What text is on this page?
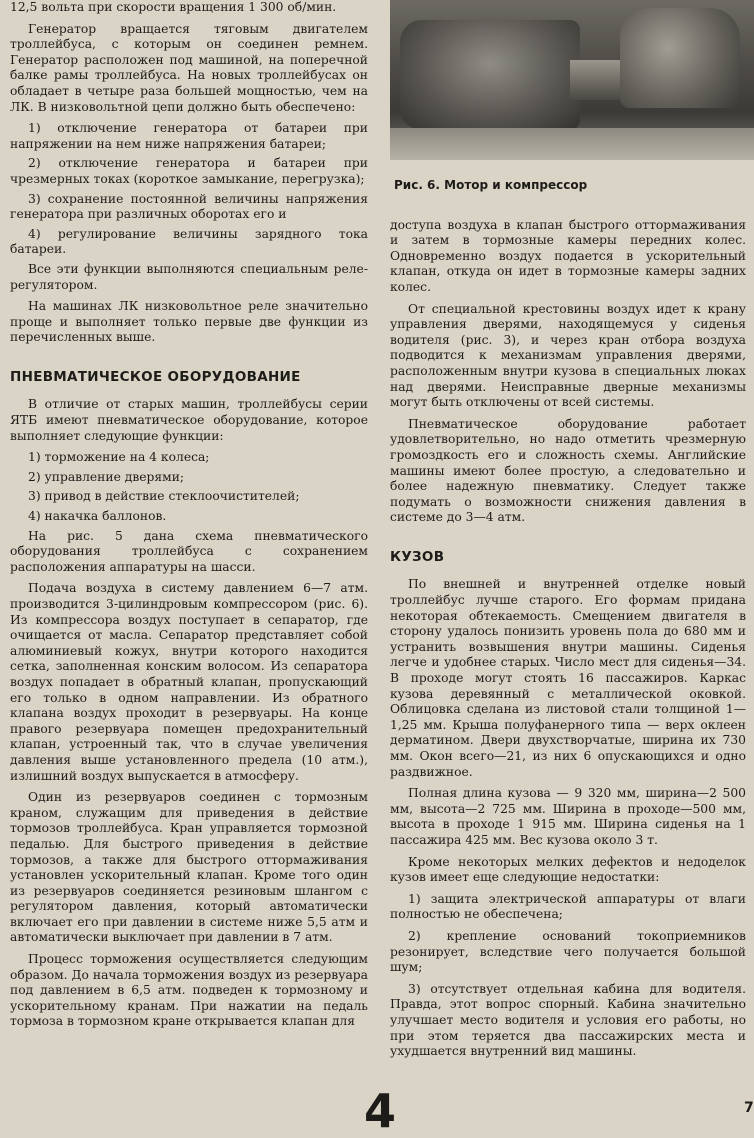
12,5 вольта при скорости вращения 1 300 об/мин.

Генератор вращается тяговым двигателем троллейбуса, с которым он соединен ремнем. Генератор расположен под машиной, на поперечной балке рамы троллейбуса. На новых троллейбусах он обладает в четыре раза большей мощностью, чем на ЛК. В низковольтной цепи должно быть обеспечено:

1) отключение генератора от батареи при напряжении на нем ниже напряжения батареи;

2) отключение генератора и батареи при чрезмерных токах (короткое замыкание, перегрузка);

3) сохранение постоянной величины напряжения генератора при различных оборотах его и

4) регулирование величины зарядного тока батареи.

Все эти функции выполняются специальным реле-регулятором.

На машинах ЛК низковольтное реле значительно проще и выполняет только первые две функции из перечисленных выше.

ПНЕВМАТИЧЕСКОЕ ОБОРУДОВАНИЕ

В отличие от старых машин, троллейбусы серии ЯТБ имеют пневматическое оборудование, которое выполняет следующие функции:

1) торможение на 4 колеса;

2) управление дверями;

3) привод в действие стеклоочистителей;

4) накачка баллонов.

На рис. 5 дана схема пневматического оборудования троллейбуса с сохранением расположения аппаратуры на шасси.

Подача воздуха в систему давлением 6—7 атм. производится 3-цилиндровым компрессором (рис. 6). Из компрессора воздух поступает в сепаратор, где очищается от масла. Сепаратор представляет собой алюминиевый кожух, внутри которого находится сетка, заполненная конским волосом. Из сепаратора воздух попадает в обратный клапан, пропускающий его только в одном направлении. Из обратного клапана воздух проходит в резервуары. На конце правого резервуара помещен предохранительный клапан, устроенный так, что в случае увеличения давления выше установленного предела (10 атм.), излишний воздух выпускается в атмосферу.

Один из резервуаров соединен с тормозным краном, служащим для приведения в действие тормозов троллейбуса. Кран управляется тормозной педалью. Для быстрого приведения в действие тормозов, а также для быстрого оттормаживания установлен ускорительный клапан. Кроме того один из резервуаров соединяется резиновым шлангом с регулятором давления, который автоматически включает его при давлении в системе ниже 5,5 атм и автоматически выключает при давлении в 7 атм.

Процесс торможения осуществляется следующим образом. До начала торможения воздух из резервуара под давлением в 6,5 атм. подведен к тормозному и ускорительному кранам. При нажатии на педаль тормоза в тормозном кране открывается клапан для

Рис. 6. Мотор и компрессор

доступа воздуха в клапан быстрого оттормаживания и затем в тормозные камеры передних колес. Одновременно воздух подается в ускорительный клапан, откуда он идет в тормозные камеры задних колес.

От специальной крестовины воздух идет к крану управления дверями, находящемуся у сиденья водителя (рис. 3), и через кран отбора воздуха подводится к механизмам управления дверями, расположенным внутри кузова в специальных люках над дверями. Неисправные дверные механизмы могут быть отключены от всей системы.

Пневматическое оборудование работает удовлетворительно, но надо отметить чрезмерную громоздкость его и сложность схемы. Английские машины имеют более простую, а следовательно и более надежную пневматику. Следует также подумать о возможности снижения давления в системе до 3—4 атм.

КУЗОВ

По внешней и внутренней отделке новый троллейбус лучше старого. Его формам придана некоторая обтекаемость. Смещением двигателя в сторону удалось понизить уровень пола до 680 мм и устранить возвышения внутри машины. Сиденья легче и удобнее старых. Число мест для сиденья—34. В проходе могут стоять 16 пассажиров. Каркас кузова деревянный с металлической оковкой. Облицовка сделана из листовой стали толщиной 1—1,25 мм. Крыша полуфанерного типа — верх оклеен дерматином. Двери двухстворчатые, ширина их 730 мм. Окон всего—21, из них 6 опускающихся и одно раздвижное.

Полная длина кузова — 9 320 мм, ширина—2 500 мм, высота—2 725 мм. Ширина в проходе—500 мм, высота в проходе 1 915 мм. Ширина сиденья на 1 пассажира 425 мм. Вес кузова около 3 т.

Кроме некоторых мелких дефектов и недоделок кузов имеет еще следующие недостатки:

1) защита электрической аппаратуры от влаги полностью не обеспечена;

2) крепление оснований токоприемников резонирует, вследствие чего получается большой шум;

3) отсутствует отдельная кабина для водителя. Правда, этот вопрос спорный. Кабина значительно улучшает место водителя и условия его работы, но при этом теряется два пассажирских места и ухудшается внутренний вид машины.

4	7
